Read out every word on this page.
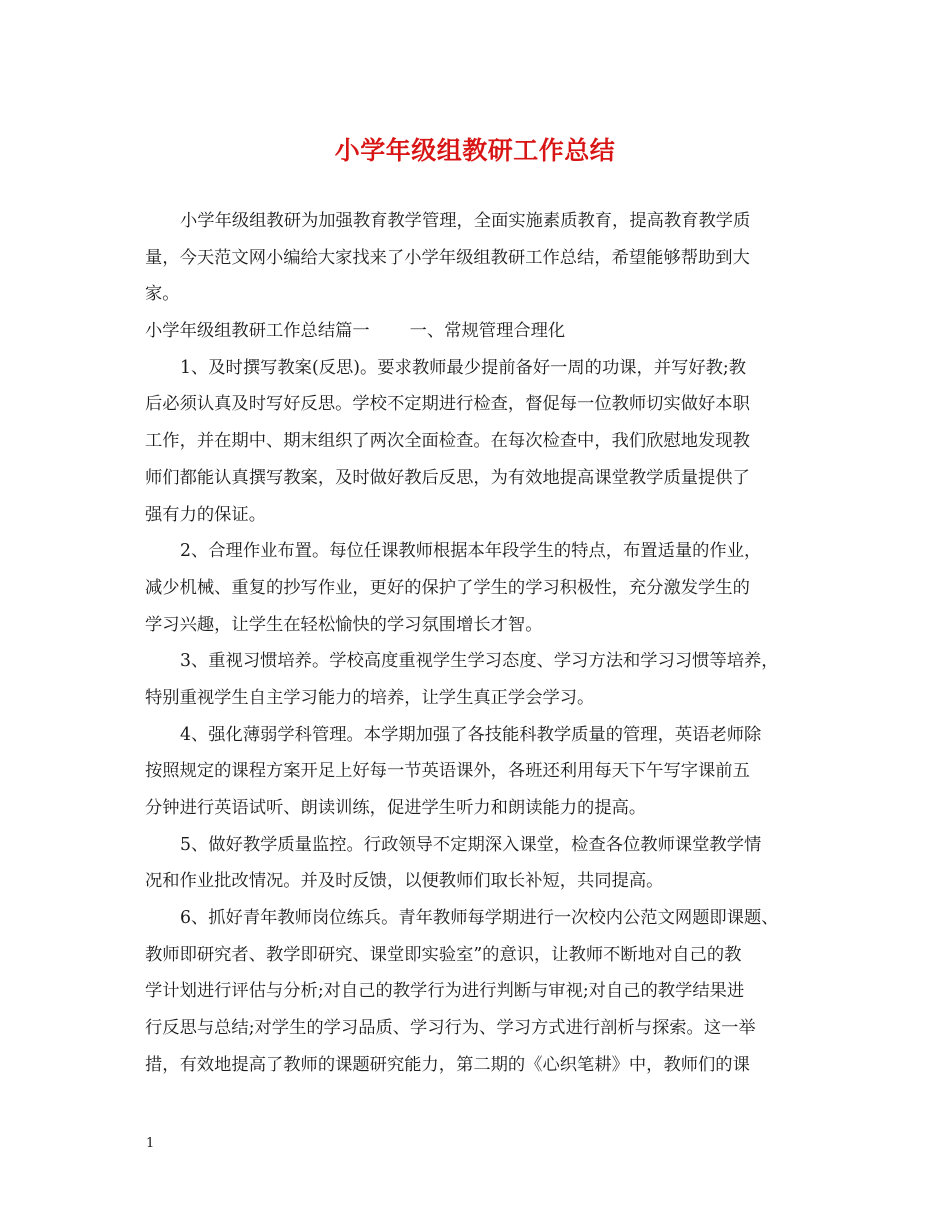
小学年级组教研工作总结
小学年级组教研为加强教育教学管理，全面实施素质教育，提高教育教学质
量，今天范文网小编给大家找来了小学年级组教研工作总结，希望能够帮助到大
家。
小学年级组教研工作总结篇一 一、常规管理合理化
1、及时撰写教案(反思)。要求教师最少提前备好一周的功课，并写好教;教
后必须认真及时写好反思。学校不定期进行检查，督促每一位教师切实做好本职
工作，并在期中、期末组织了两次全面检查。在每次检查中，我们欣慰地发现教
师们都能认真撰写教案，及时做好教后反思，为有效地提高课堂教学质量提供了
强有力的保证。
2、合理作业布置。每位任课教师根据本年段学生的特点，布置适量的作业，
减少机械、重复的抄写作业，更好的保护了学生的学习积极性，充分激发学生的
学习兴趣，让学生在轻松愉快的学习氛围增长才智。
3、重视习惯培养。学校高度重视学生学习态度、学习方法和学习习惯等培养，
特别重视学生自主学习能力的培养，让学生真正学会学习。
4、强化薄弱学科管理。本学期加强了各技能科教学质量的管理，英语老师除
按照规定的课程方案开足上好每一节英语课外，各班还利用每天下午写字课前五
分钟进行英语试听、朗读训练，促进学生听力和朗读能力的提高。
5、做好教学质量监控。行政领导不定期深入课堂，检查各位教师课堂教学情
况和作业批改情况。并及时反馈，以便教师们取长补短，共同提高。
6、抓好青年教师岗位练兵。青年教师每学期进行一次校内公范文网题即课题、
教师即研究者、教学即研究、课堂即实验室”的意识，让教师不断地对自己的教
学计划进行评估与分析;对自己的教学行为进行判断与审视;对自己的教学结果进
行反思与总结;对学生的学习品质、学习行为、学习方式进行剖析与探索。这一举
措，有效地提高了教师的课题研究能力，第二期的《心织笔耕》中，教师们的课
1
